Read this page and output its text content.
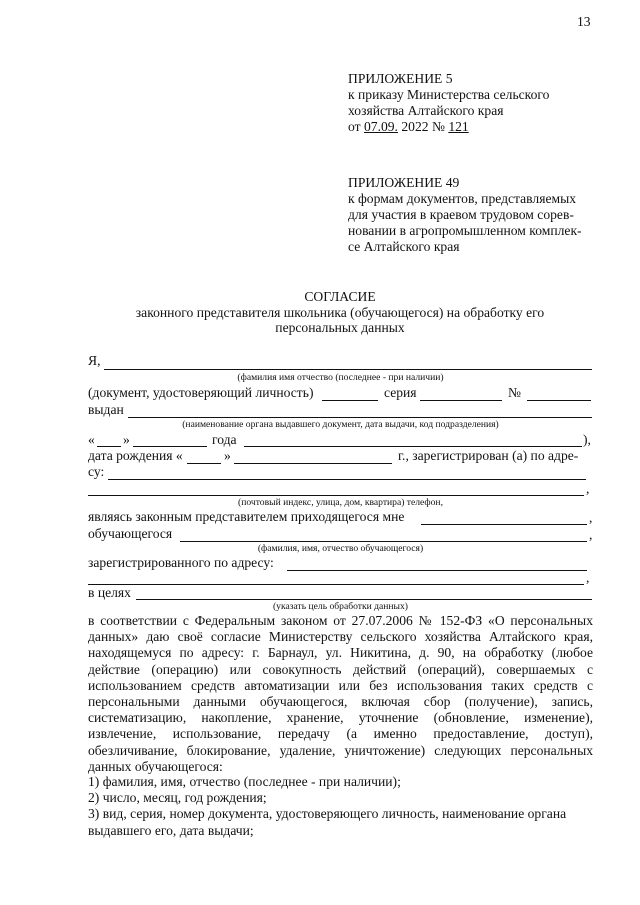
13
ПРИЛОЖЕНИЕ 5
к приказу Министерства сельского
хозяйства Алтайского края
от 07.09. 2022 № 121
ПРИЛОЖЕНИЕ 49
к формам документов, представляемых
для участия в краевом трудовом сорев-
новании в агропромышленном комплек-
се Алтайского края
СОГЛАСИЕ
законного представителя школьника (обучающегося) на обработку его
персональных данных
Я,
(фамилия имя отчество (последнее - при наличии)
(документ, удостоверяющий личность)	серия	№
выдан
(наименование органа выдавшего документ, дата выдачи, код подразделения)
« »	года	),
дата рождения «	»	г., зарегистрирован (а) по адре-
су:
,
(почтовый индекс, улица, дом, квартира) телефон,
являясь законным представителем приходящегося мне	,
обучающегося	,
(фамилия, имя, отчество обучающегося)
зарегистрированного по адресу:
,
в целях
(указать цель обработки данных)
в соответствии с Федеральным законом от 27.07.2006 № 152-ФЗ «О персональных данных» даю своё согласие Министерству сельского хозяйства Алтайского края, находящемуся по адресу: г. Барнаул, ул. Никитина, д. 90, на обработку (любое действие (операцию) или совокупность действий (операций), совершаемых с использованием средств автоматизации или без использования таких средств с персональными данными обучающегося, включая сбор (получение), запись, систематизацию, накопление, хранение, уточнение (обновление, изменение), извлечение, использование, передачу (а именно предоставление, доступ), обезличивание, блокирование, удаление, уничтожение) следующих персональных данных обучающегося:
1) фамилия, имя, отчество (последнее - при наличии);
2) число, месяц, год рождения;
3) вид, серия, номер документа, удостоверяющего личность, наименование органа выдавшего его, дата выдачи;
